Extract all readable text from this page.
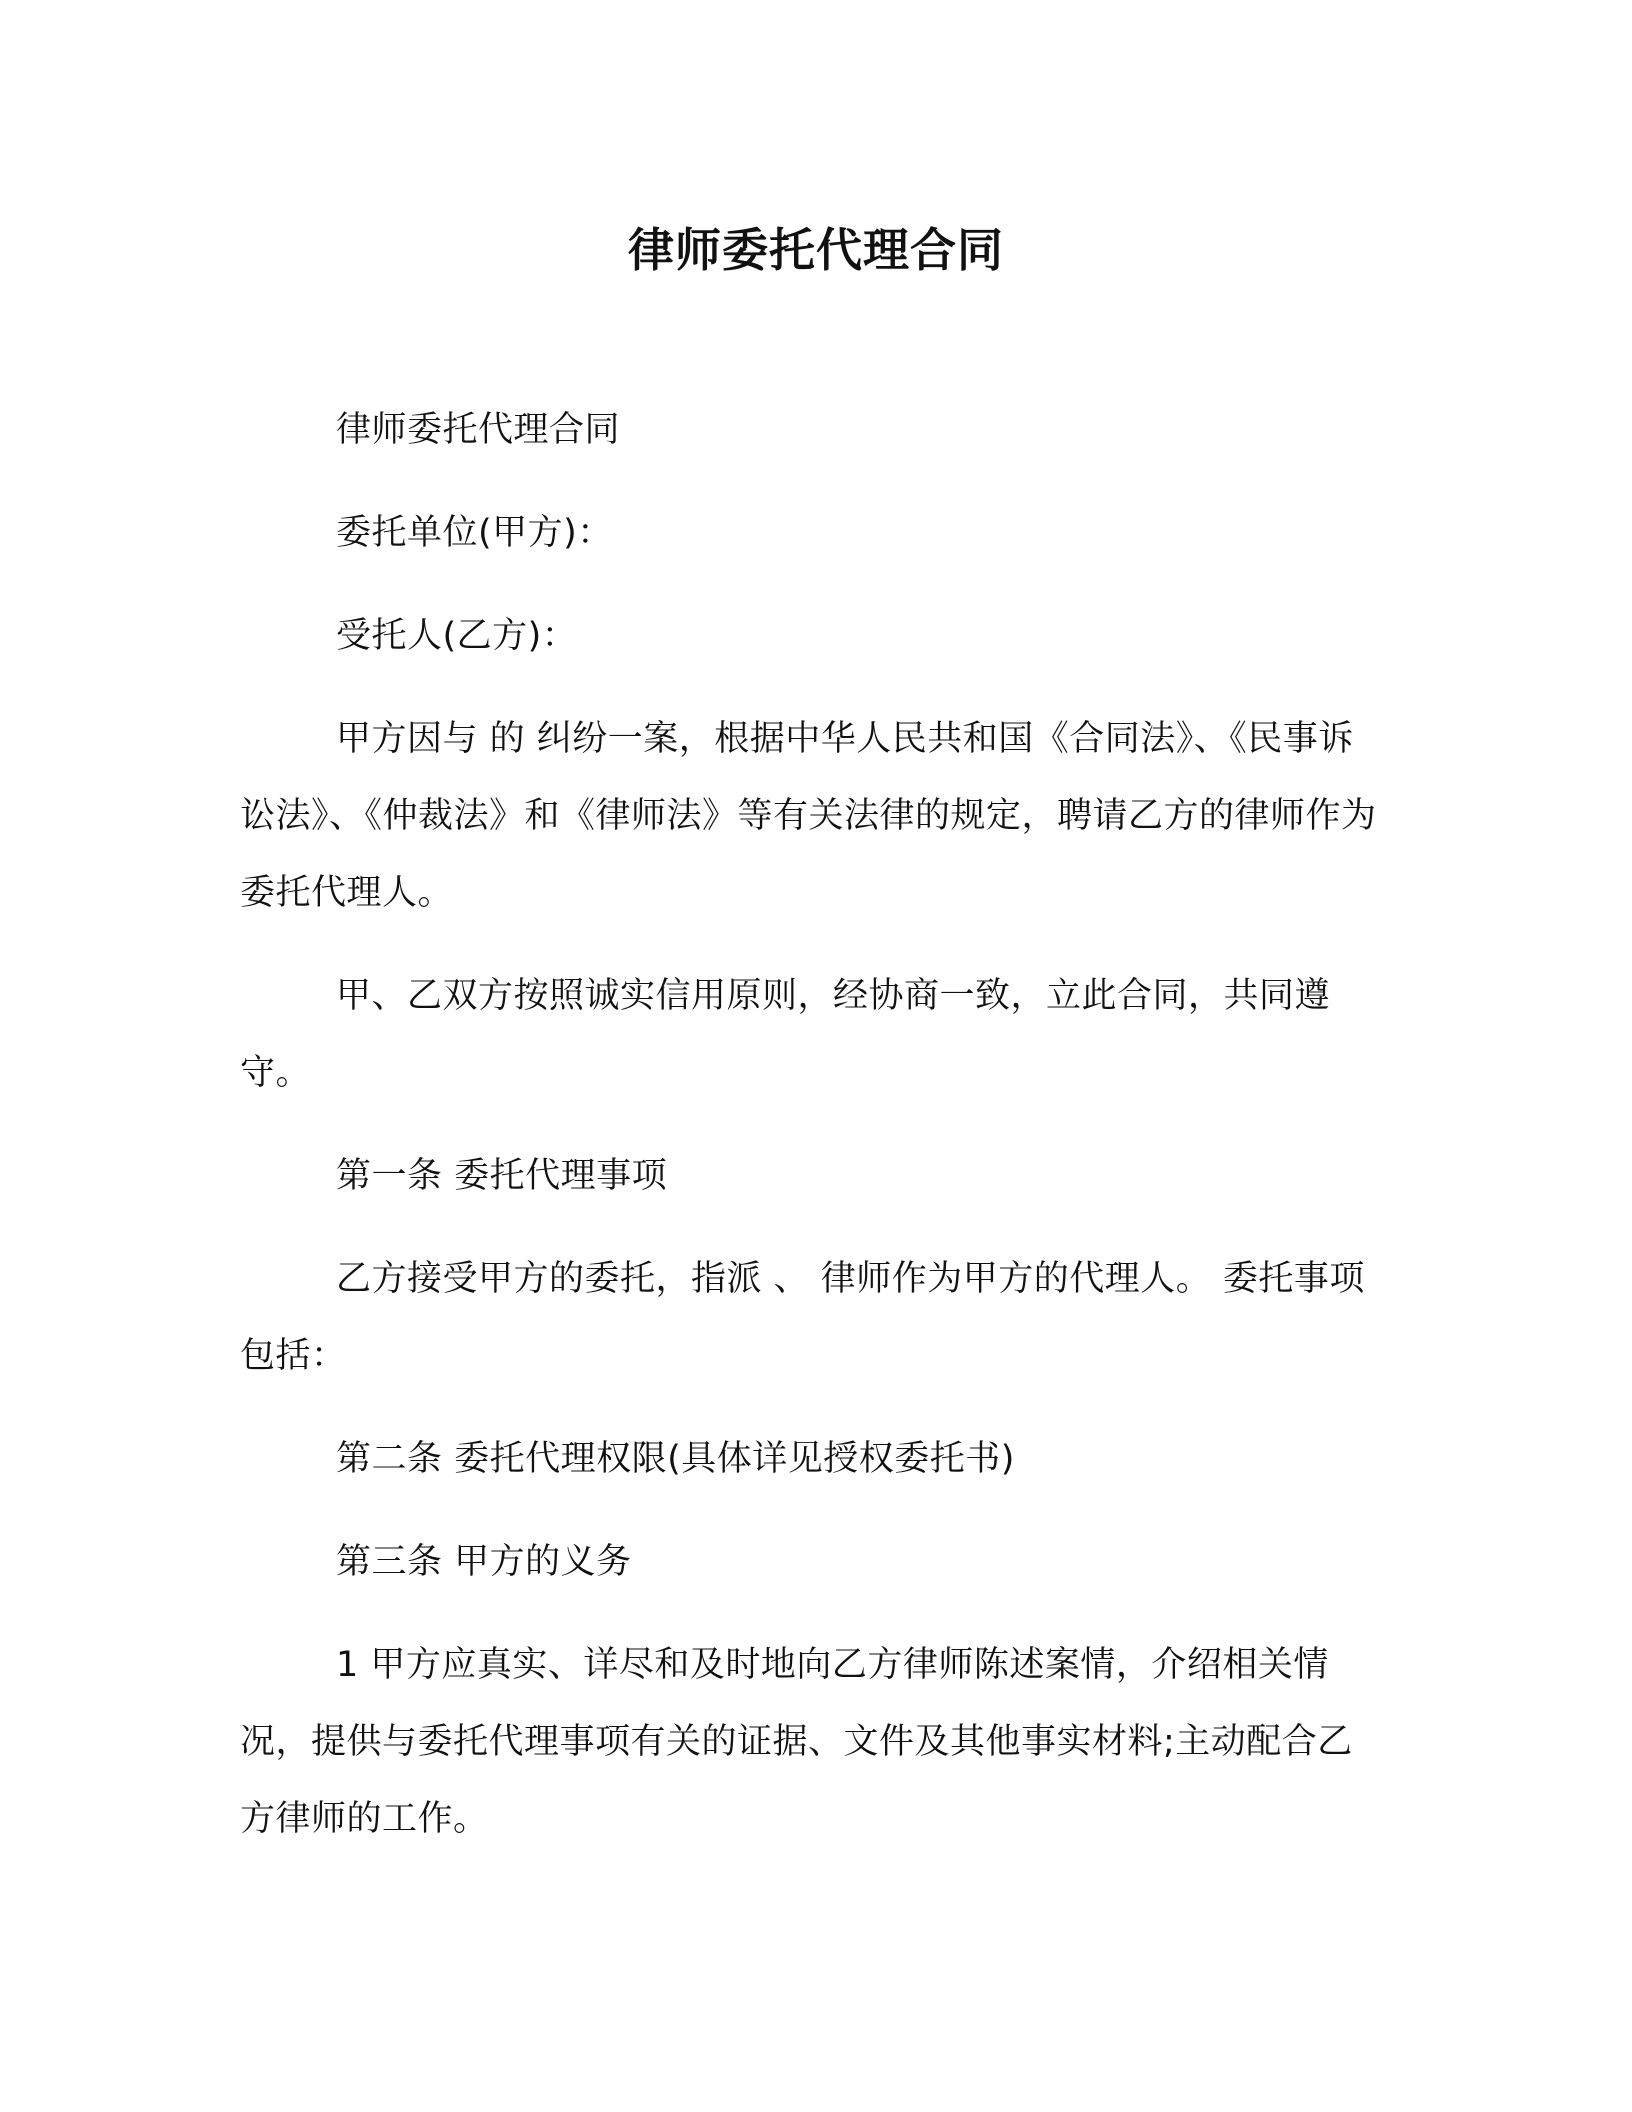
律师委托代理合同

律师委托代理合同

委托单位(甲方)：

受托人(乙方)：

甲方因与 的 纠纷一案，根据中华人民共和国《合同法》、《民事诉讼法》、《仲裁法》和《律师法》等有关法律的规定，聘请乙方的律师作为委托代理人。

甲、乙双方按照诚实信用原则，经协商一致，立此合同，共同遵守。

第一条 委托代理事项

乙方接受甲方的委托，指派 、 律师作为甲方的代理人。 委托事项包括：

第二条 委托代理权限(具体详见授权委托书)

第三条 甲方的义务

1 甲方应真实、详尽和及时地向乙方律师陈述案情，介绍相关情况，提供与委托代理事项有关的证据、文件及其他事实材料;主动配合乙方律师的工作。
